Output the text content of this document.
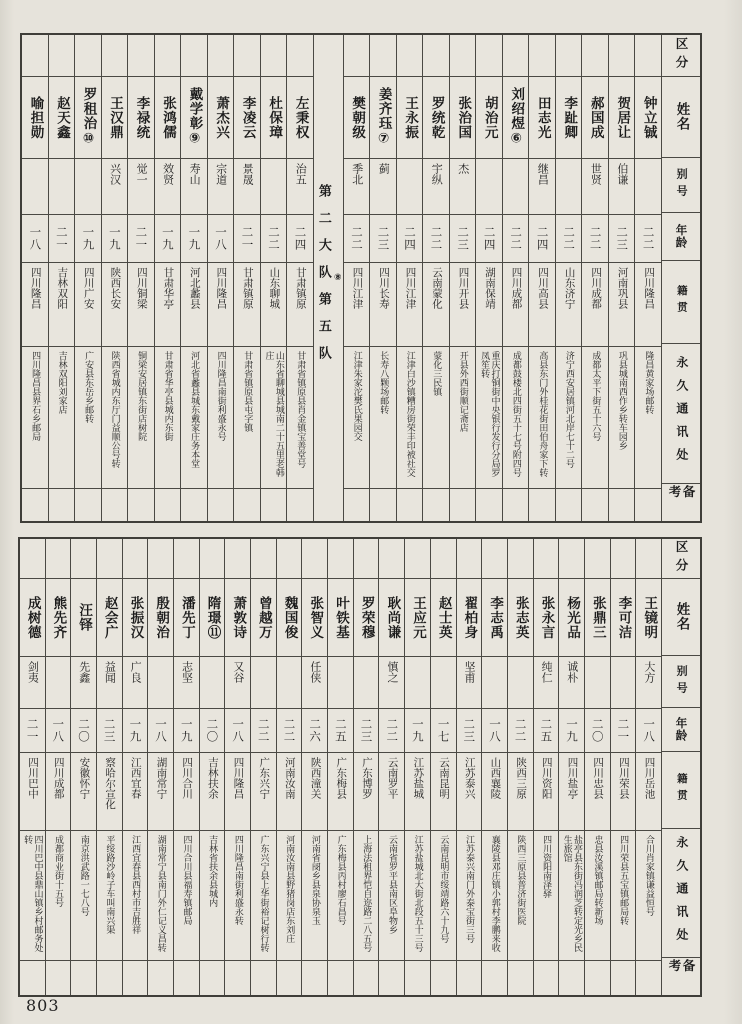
区分
姓名
别号
年龄
籍贯
永久通讯处
备考
钟立铖
二二
四川隆昌
隆昌黄家场邮转
贺居让
伯谦
二三
河南巩县
巩县城南西作乡转车园乡
郝国成
世贤
二二
四川成都
成都太平下街五十六号
李趾卿
二二
山东济宁
济宁西安居镇河北岸七十二号
田志光
继昌
二四
四川高县
高县东门外桂花街田伯舟家下转
刘绍煜⑥
二二
四川成都
成都鼓楼北四街五十七号附四号
胡治元
二四
湖南保靖
重庆打铜街中央银行发行分局罗凤笙转
张治国
杰
二三
四川开县
开县外西街顺记斋店
罗统乾
宇纵
二二
云南蒙化
蒙化三民镇
王永振
二四
四川江津
江津白沙镇糟房街荣丰印被社交
姜齐珏⑦
蓟
二三
四川长寿
长寿八颗场邮转
樊朝级
季北
二二
四川江津
江津朱家沱樊氏果园交
第二大队第五队 ⑧
左秉权
治五
二四
甘肃镇原
甘肃省镇原县肖金镇宝善堂号
杜保璋
二二
山东聊城
山东省聊城县城南二十五里老韩庄
李凌云
景晟
二一
甘肃镇原
甘肃省镇原县屯字镇
萧杰兴
宗道
一八
四川隆昌
四川隆昌南街利盛永号
戴学彰⑨
寿山
一九
河北蠡县
河北省蠡县城东戴家庄务本堂
张鸿儒
效贤
一九
甘肃华亭
甘肃省华亭县城内东街
李禄统
觉一
二一
四川铜梁
铜梁安居镇东街店树院
王汉鼎
兴汉
一九
陕西长安
陕西省城内东厅门益顺公号转
罗租治⑩
一九
四川广安
广安县东岳乡邮转
赵天鑫
二一
吉林双阳
吉林双阳刘家店
喻担勋
一八
四川隆昌
四川隆昌县界石乡邮局
区分
姓名
别号
年龄
籍贯
永久通讯处
备考
王镜明
大方
一八
四川岳池
合川肖家镇谦益恒号
李可洁
二一
四川荣县
四川荣县五宝镇邮局转
张鼎三
二〇
四川忠县
忠县汝溪镇邮局转新场
杨光品
诚朴
一九
四川盐亭
盐亭县东街冯润芝转定光乡民生旅馆
张永言
纯仁
二五
四川资阳
四川资阳南泽驿
张志英
二二
陕西三原
陕西三原县普济街医院
李志禹
一八
山西襄陵
襄陵县邓庄镇小郭村李鹏来收
翟柏身
坚甫
二三
江苏泰兴
江苏泰兴南门外泰宝街三号
赵士英
一七
云南昆明
云南昆明市绥靖路六十九号
王应元
一九
江苏盐城
江苏盐城北大街北段五十三号
耿尚谦
慎之
二二
云南罗平
云南省罗平县南区阜物乡
罗荣穆
二三
广东博罗
上海法租界恺自迩路二八五号
叶铁基
二五
广东梅县
广东梅县丙村廖石昌号
张智义
任侠
二六
陕西潼关
河南省阌乡县泉协泉玉
魏国俊
二二
河南汝南
河南汝南县野猪岗店东刘庄
曾越万
二二
广东兴宁
广东兴宁县上华街裕记树行转
萧敦诗
又谷
一八
四川隆昌
四川隆昌南街利盛永转
隋璟⑪
二〇
吉林扶余
吉林省扶余县城内
潘先丁
志坚
一九
四川合川
四川合川县福寿镇邮局
殷朝治
一八
湖南常宁
湖南常宁县南门外仁记义昌转
张振汉
广良
一九
江西宜春
江西宜春县西村市吉胜祥
赵会广
益闻
二三
察哈尔宣化
平绥路沙岭子车叫南兴渠
汪铎
先鑫
二〇
安徽怀宁
南京洪武路一七八号
熊先齐
一八
四川成都
成都商业街十五号
成树德
剑夷
二一
四川巴中
四川巴中县鼎山镇乡村邮务处转
803
